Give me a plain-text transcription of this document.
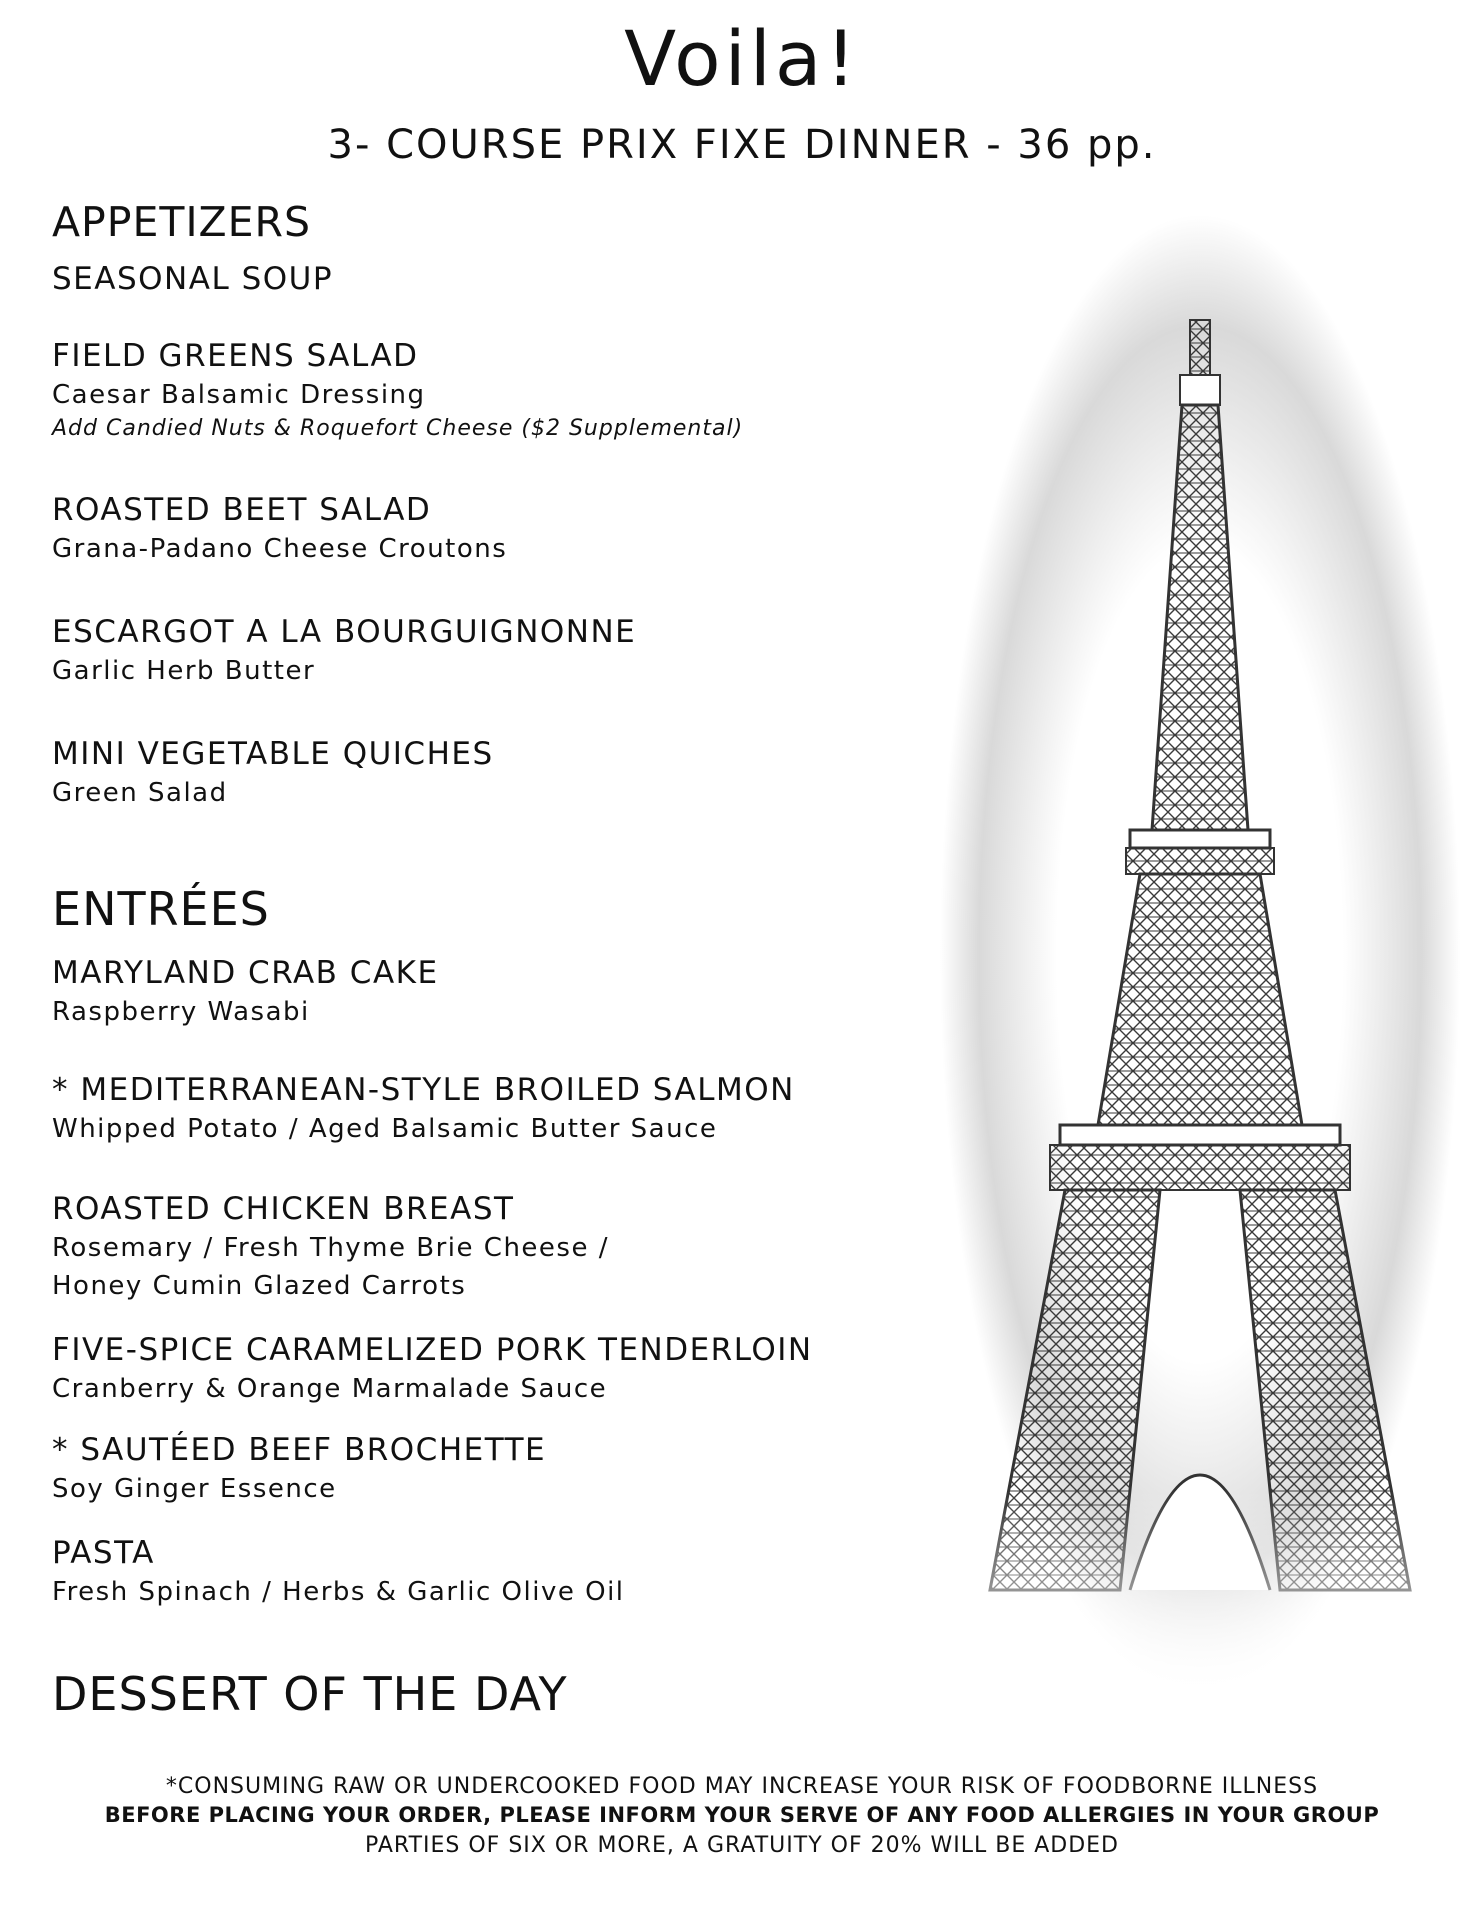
Voila!
3- COURSE PRIX FIXE DINNER - 36 pp.
APPETIZERS
SEASONAL SOUP
FIELD GREENS SALAD
Caesar Balsamic Dressing
Add Candied Nuts & Roquefort Cheese ($2 Supplemental)
ROASTED BEET SALAD
Grana-Padano Cheese Croutons
ESCARGOT A LA BOURGUIGNONNE
Garlic Herb Butter
MINI VEGETABLE QUICHES
Green Salad
ENTRÉES
MARYLAND CRAB CAKE
Raspberry Wasabi
* MEDITERRANEAN-STYLE BROILED SALMON
Whipped Potato / Aged Balsamic Butter Sauce
ROASTED CHICKEN BREAST
Rosemary / Fresh Thyme Brie Cheese /
Honey Cumin Glazed Carrots
FIVE-SPICE CARAMELIZED PORK TENDERLOIN
Cranberry & Orange Marmalade Sauce
* SAUTÉED BEEF BROCHETTE
Soy Ginger Essence
PASTA
Fresh Spinach / Herbs & Garlic Olive Oil
DESSERT OF THE DAY
*CONSUMING RAW OR UNDERCOOKED FOOD MAY INCREASE YOUR RISK OF FOODBORNE ILLNESS
BEFORE PLACING YOUR ORDER, PLEASE INFORM YOUR SERVE OF ANY FOOD ALLERGIES IN YOUR GROUP
PARTIES OF SIX OR MORE, A GRATUITY OF 20% WILL BE ADDED
